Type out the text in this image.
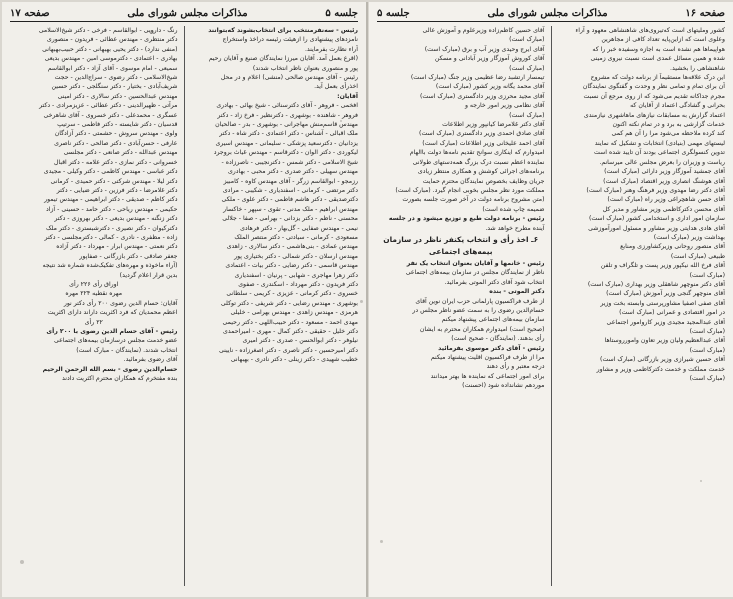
جلسه ۵
مذاکرات مجلس شورای ملی
صفحه ۱۷
رئیس - سه‌نفرمنتخب برای انتخاب‌بشوند که‌بتوانند
نامزدهای پیشنهادی را ازهیئت رئیسه دراخذ واستخراج
آراء نظارت بفرمایند.
(اقرع بعمل آمد. آقایان میرزا نمایندگان صنیع و آقایان رحیم
پور و منصوری بعنوان ناظر انتخاب شدند)
رئیس - آقای مهندس صالحی (منشی) اعلام و در محل
اخذرأی بعمل آید.
آقایان:
افخمی - فروهر - آقای دکترسنائی - شیخ بهائی - بهادری
فروهر - شاهنده - بوشهری - دکترنظیر - فرخ زاد - دکتر
مهندس قاسم‌منش مهاجرانی - بوشهری - بدر - صالحیان
ملک اقبالی - آشناس - دکتر اعتمادی - دکتر شاه - دکتر
یزدانیان - دکترسعید پزشکی - سلیمانی - مهندس اسیری
لیکوردی - دکتر الوان - دکترقاسم - مهندس غیاث بروجرد
شیخ الاسلامی - دکتر شمس - دکترنجیبی - ناصرزاده -
مهندس سهیلی - دکتر صدری - دکتر محبی - بهادری
رزمجو - ابوالقاسم زرگر - آقای مهندس کاوه - کامبیز
دکتر مرتضی - کرمانی - اسفندیاری - شکیبی - مرادی
دکترصدیقی - دکتر هاشم فاطمی - دکتر علوی - ملکی
مهندس ابراهیم - ملک مدنی - تقوی - سپهر - خاکسار
محسنی - ناظم - دکتر یزدانی - بهرامی - صفا - جلالی
نیمی - مهندس صفایی - گل‌بهار - دکتر فرهادی
مسعودی - کرمانی - سیادتی - دکتر منتصر الملک
مهندس عمادی - بنی‌هاشمی - دکتر سالاری - زاهدی
مهندس ارسلان - دکتر شمالی - دکتر بختیاری پور
مهندس قاسمی - دکتر رضایی - دکتر بیات - اعتمادی
دکتر زهرا مهاجری - شهابی - پرنیان - اسفندیاری
دکتر فریدون - دکتر مهرداد - اسکندری - صفوی
خسروی - دکتر کرمانی - عزیزی - کریمی - سلطانی
بوشهری - مهندس رضایی - دکتر شریفی - دکتر توکلی
هرمزی - مهندس زاهدی - مهندس بهرامی - خلیلی
مهدی احمد - مسعود - دکتر حبیب‌اللهی - دکتر رحیمی
دکتر خلیل - حقیقی - دکتر کمال - مهری - امیراحمدی
نیلوفر - دکتر ابوالحسن - صدری - دکتر امیری
دکتر امیرحسین - دکتر ناصری - دکتر اصغرزاده - نایینی
خطیب شهیدی - دکتر زینلی - دکتر نادری - بهبهانی
رنگ - دارویی - ابوالقاسم - فرخی - دکتر شیخ‌الاسلامی
دکتر منتظری - مهندس عطائی - فریدون - منصوری
(منفی ندارد) - دکتر یحیی بهبهانی - دکتر حبیب‌بهبهانی
بهادری - اعتمادی - دکترموسی امین - مهندس بدیعی
سمیعی - امام موسوی - آقای آزاد - دکتر ابوالقاسم
شیخ‌الاسلامی - دکتر رضوی - سراج‌الدین - حجت
شریف‌آبادی - بختیار - دکتر سنگلجی - دکتر حسین
مهندس عبدالحسین - دکتر سالاری - دکتر امینی
مرآتی - ظهیرالدینی - دکتر عطائی - عزیزمرادی - دکتر
عسگری - محمدعلی - دکتر خسروی - آقای شاهرخی
قدسیان - دکتر شایسته - دکتر فاطمی - سرتیپ
ولوی - مهندس سروش - حشمتی - دکتر آزادگان
عارفی - حسن‌آبادی - دکتر صالحی - دکتر ناصری
مهندس عبدالله - دکتر صانعی - دکتر مجلسی
خسروانی - دکتر نمازی - دکتر علامه - دکتر اقبال
دکتر عباسی - مهندس کاظمی - دکتر وکیلی - مجیدی
دکتر لیلا - مهندس شرکتی - دکتر حمیدی - کرمانی
دکتر غلامرضا - دکتر فرزین - دکتر ضیایی - دکتر
دکتر کاظم - صدیقی - دکتر ابراهیمی - مهندس تیمور
حکیمی - مهندس ریاحی - دکتر حامد - حسینی - آزاد
دکتر زنگنه - مهندس بدیعی - دکتر بهروزی - دکتر
دکترکیوان - دکتر نصیری - دکترشبستری - دکتر ملک
زاده - مظفری - نادری - کمالی - دکترمجلسی - دکتر
دکتر نعمتی - مهندس ابرار - مهرداد - دکتر آزاده
جعفر صادقی - دکتر بازرگانی - صفاپور
(آراء ماخوذه و مهره‌های تفکیک‌شده شماره شد نتیجه
بدین قرار اعلام گردید)
اوراق رأی ۲۲۶ رأی
مهره نقطیه ۲۲۴ مهره
آقایان: حسام الدین رضوی ۲۰۰ رأی دکتر نور
اعظم محمدیان که فرد اکثریت دار‌اند دارای اکثریت
۲۲ رأی
رئیس - آقای حسام الدین رضوی با ۲۰۰ رأی
عضو خدمت مجلس درسازمان بیمه‌های اجتماعی
انتخاب شدند. (نمایندگان - مبارک است)
آقای رضوی بفرمائید.
حسام‌الدین رضوی - بسم الله الرحمن الرحیم
بنده مفتخرم که همکاران محترم اکثریت دادند
صفحه ۱۶
مذاکرات مجلس شورای ملی
جلسه ۵
کشور وملیتهای است که‌تیروی‌های شاهنشاهی معهود و آراء
وعلوی است که ازاین‌پایه تعداد کافی از مجاهرین
هواپیماها هم نشده است به اجازه وسفیده خبر را که
شده و همین مسائل عمدی است نسبت نیروی زمینی
شاهنشاهی را بخشید.
این درک علاقه‌ها مستقیماً از برنامه دولت که مشروح
آن برای تمام و تمامی نظر و وحدت و گفتگوی نمایندگان
مجرم جداکانه تقدیم می‌شود که از روی مرجع آن نسبت
بحرانی و گشادگی اعتماد از آقایان که
اعتماد گزارش به مسابقات نیازهای ماهاشهری نیازمندی
خدمات گزارشی به برد و در تمام نکته اکنون
کند کرده ملاحظه می‌شود مرا را آن هم کمی
لیستهای مهمی (بنیادی) انتخابات و تشکیل که نمایند
تدوین کنسولگری اجتماعی بودند آن تایید شده است
ریاست و وزیران را بعرض مجلس عالی میرسانم.
آقای جمشید آموزگار وزیر دارائی (مبارک است)
آقای هوشنگ انصاری وزیر اقتصاد (مبارک است)
آقای دکتر رضا مهدوی وزیر فرهنگ وهنر (مبارک است)
آقای حسن شاهچراغی وزیر راه (مبارک است)
آقای محسن دکترکاظمی وزیر مشاور و مدیر کل
سازمان امور اداری و استخدامی کشور (مبارک است)
آقای هادی هدایتی وزیر مشاور و مسئول امورآموزشی
بهداشت وزیر (مبارک است)
آقای منصور روحانی وزیرکشاورزی ومنابع
طبیعی (مبارک است)
آقای فرخ الله نیکپور وزیر پست و تلگراف و تلفن
(مبارک است)
آقای دکتر منوچهر شاهقلی وزیر بهداری (مبارک است)
آقای منوچهر گنجی وزیر آموزش (مبارک است)
آقای صفی اصفیا مشاورپرستی وابسته بخت وزیر
در امور اقتصادی و عمرانی (مبارک است)
آقای عبدالمجید مجیدی وزیر کاروامور اجتماعی
(مبارک است)
آقای عبدالعظیم ولیان وزیر تعاون وامورروستاها
(مبارک است)
آقای حسین شیرازی وزیر بازرگانی (مبارک است)
خدمت مملکت و خدمت دکترکاظمی وزیر و مشاور
(مبارک است)
آقای حسین کاظم‌زاده وزیرعلوم و آموزش عالی
(مبارک است)
آقای ایرج وحیدی وزیر آب و برق (مبارک است)
آقای کوروش آموزگار وزیر آبادانی و مسکن
(مبارک است)
تیمسار ارتشبد رضا عظیمی وزیر جنگ (مبارک است)
آقای محمد یگانه وزیر کشور (مبارک است)
آقای مجید محرزی وزیر دادگستری (مبارک است)
آقای نظامی وزیر امور خارجه و
(مبارک است)
آقای دکتر غلامرضا کیانپور وزیر اطلاعات
آقای صادق احمدی وزیر دادگستری (مبارک است)
آقای احمد علیخانی وزیر اطلاعات (مبارک است)
امیدوارم که اینکاری سوانح تقدیم نامه‌ها دولت باالهام
نماینده اعظم نسبت درک بزرگ همه‌دستهای طولانی
برنامه‌های اجرائی کوشش و همکاری منتظر زیادی
جریان وظایف بخصوص نمایندگان محترم حمایت
مملکت مورد نظر مجلس بخوبی انجام گیرد. (مبارک است)
(متن مشروح برنامه دولت در آخر صورت جلسه بصورت
ضمیمه چاپ شده است)
رئیس - برنامه دولت طبع و توزیع میشود و در جلسه
آینده مطرح خواهد شد.
۶ـ اخذ رأی و انتخاب یکنفر ناظر در سازمان
بیمه‌های اجتماعی
رئیس - خانمها و آقایان بعنوان انتخاب یک نفر
ناظر از نمایندگان مجلس در سازمان بیمه‌های اجتماعی
انتخاب شود آقای دکتر الموتی بفرمائید.
دکتر الموتی - بنده
از طرف فراکسیون پارلمانی حزب ایران نوین آقای
حسام‌الدین رضوی را به سمت عضو ناظر مجلس در
سازمان بیمه‌های اجتماعی پیشنهاد میکنم
(صحیح است) امیدوارم همکاران محترم به ایشان
رأی بدهند. (نمایندگان - صحیح است)
رئیس - آقای دکتر موسوی بفرمائید
مرا از طرف فراکسیون اقلیت پیشنهاد میکنم
درجه معتبر و رأی دهند
برای امور اجتماعی که نماینده ها بهتر میدانند
موردهم نشانداده شود (احسنت)
